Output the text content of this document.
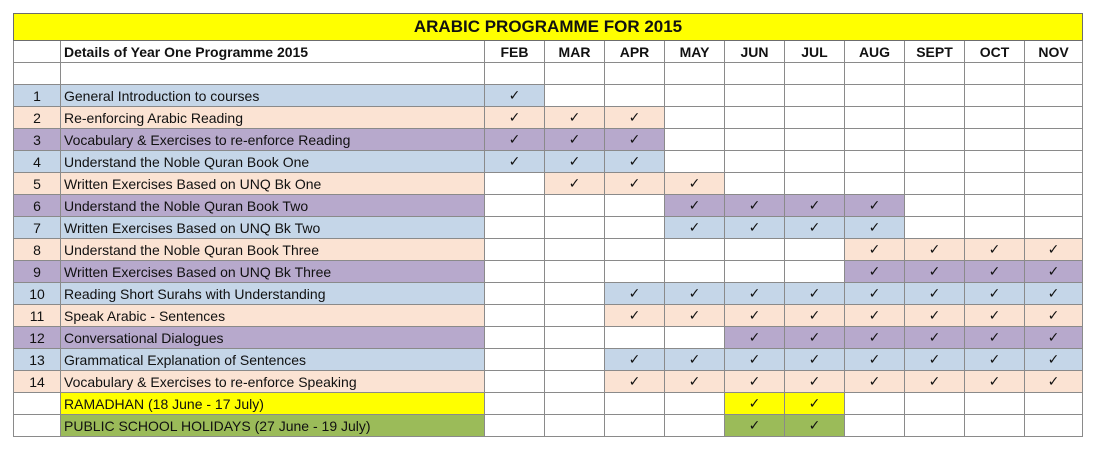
ARABIC PROGRAMME FOR 2015											
	Details of Year One Programme 2015	FEB	MAR	APR	MAY	JUN	JUL	AUG	SEPT	OCT	NOV

1	General Introduction to courses	✓									
2	Re-enforcing Arabic Reading	✓	✓	✓							
3	Vocabulary & Exercises to re-enforce Reading	✓	✓	✓							
4	Understand the Noble Quran Book One	✓	✓	✓							
5	Written Exercises Based on UNQ Bk One		✓	✓	✓						
6	Understand the Noble Quran Book Two				✓	✓	✓	✓			
7	Written Exercises Based on UNQ Bk Two				✓	✓	✓	✓			
8	Understand the Noble Quran Book Three							✓	✓	✓	✓
9	Written Exercises Based on UNQ Bk Three							✓	✓	✓	✓
10	Reading Short Surahs with Understanding			✓	✓	✓	✓	✓	✓	✓	✓
11	Speak Arabic - Sentences			✓	✓	✓	✓	✓	✓	✓	✓
12	Conversational Dialogues					✓	✓	✓	✓	✓	✓
13	Grammatical Explanation of Sentences			✓	✓	✓	✓	✓	✓	✓	✓
14	Vocabulary & Exercises to re-enforce Speaking			✓	✓	✓	✓	✓	✓	✓	✓
	RAMADHAN (18 June - 17 July)					✓	✓				
	PUBLIC SCHOOL HOLIDAYS (27 June - 19 July)					✓	✓				
